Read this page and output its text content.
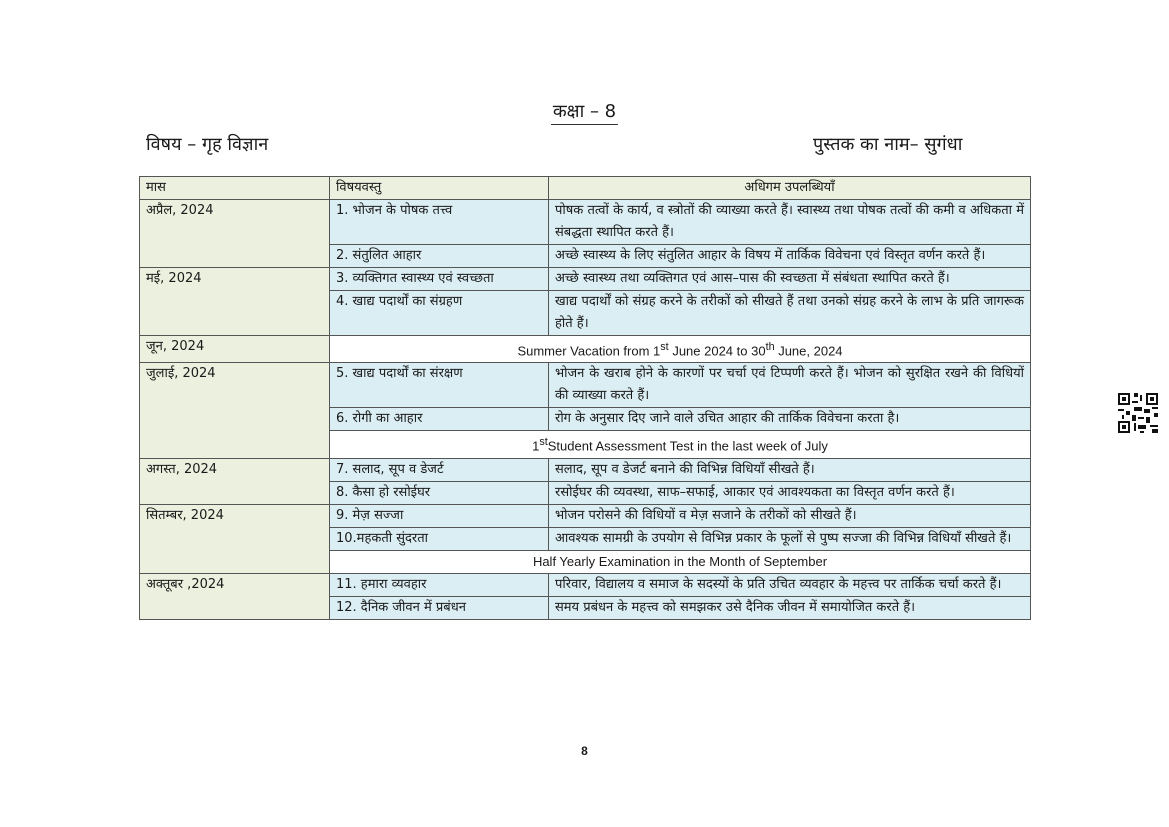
कक्षा – 8
विषय – गृह विज्ञान	पुस्तक का नाम– सुगंधा
मास	विषयवस्तु	अधिगम उपलब्धियाँ
अप्रैल, 2024	1. भोजन के पोषक तत्त्व	पोषक तत्वों के कार्य, व स्त्रोतों की व्याख्या करते हैं। स्वास्थ्य तथा पोषक तत्वों की कमी व अधिकता में संबद्धता स्थापित करते हैं।
	2. संतुलित आहार	अच्छे स्वास्थ्य के लिए संतुलित आहार के विषय में तार्किक विवेचना एवं विस्तृत वर्णन करते हैं।
मई, 2024	3. व्यक्तिगत स्वास्थ्य एवं स्वच्छता	अच्छे स्वास्थ्य तथा व्यक्तिगत एवं आस–पास की स्वच्छता में संबंधता स्थापित करते हैं।
	4. खाद्य पदार्थों का संग्रहण	खाद्य पदार्थों को संग्रह करने के तरीकों को सीखते हैं तथा उनको संग्रह करने के लाभ के प्रति जागरूक होते हैं।
जून, 2024	Summer Vacation from 1st June 2024 to 30th June, 2024	
जुलाई, 2024	5. खाद्य पदार्थों का संरक्षण	भोजन के खराब होने के कारणों पर चर्चा एवं टिप्पणी करते हैं। भोजन को सुरक्षित रखने की विधियों की व्याख्या करते हैं।
	6. रोगी का आहार	रोग के अनुसार दिए जाने वाले उचित आहार की तार्किक विवेचना करता है।
	1stStudent Assessment Test in the last week of July	
अगस्त, 2024	7. सलाद, सूप व डेजर्ट	सलाद, सूप व डेजर्ट बनाने की विभिन्न विधियाँ सीखते हैं।
	8. कैसा हो रसोईघर	रसोईघर की व्यवस्था, साफ–सफाई, आकार एवं आवश्यकता का विस्तृत वर्णन करते हैं।
सितम्बर, 2024	9. मेज़ सज्जा	भोजन परोसने की विधियों व मेज़ सजाने के तरीकों को सीखते हैं।
	10.महकती सुंदरता	आवश्यक सामग्री के उपयोग से विभिन्न प्रकार के फूलों से पुष्प सज्जा की विभिन्न विधियाँ सीखते हैं।
	Half Yearly Examination in the Month of September	
अक्तूबर ,2024	11. हमारा व्यवहार	परिवार, विद्यालय व समाज के सदस्यों के प्रति उचित व्यवहार के महत्त्व पर तार्किक चर्चा करते हैं।
	12. दैनिक जीवन में प्रबंधन	समय प्रबंधन के महत्त्व को समझकर उसे दैनिक जीवन में समायोजित करते हैं।
8
